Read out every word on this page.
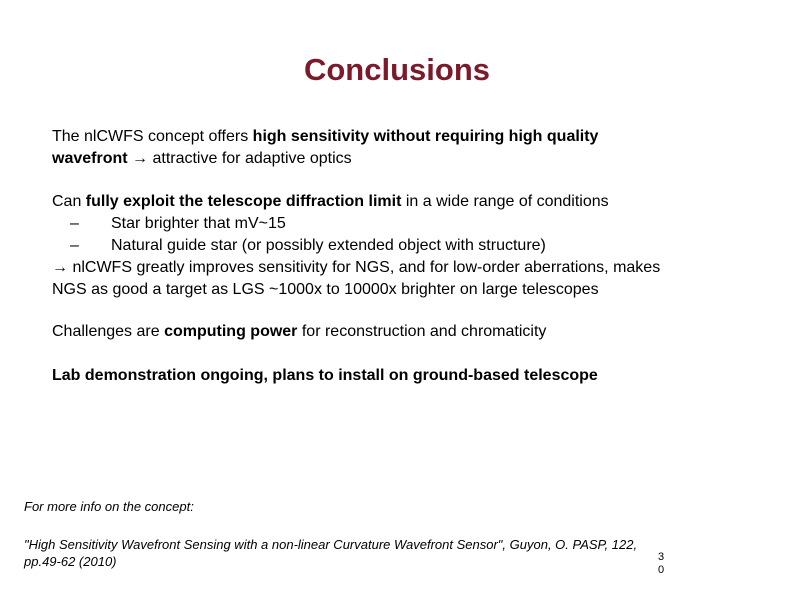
Conclusions
The nlCWFS concept offers high sensitivity without requiring high quality
wavefront → attractive for adaptive optics
Can fully exploit the telescope diffraction limit in a wide range of conditions
– Star brighter that mV~15
– Natural guide star (or possibly extended object with structure)
→ nlCWFS greatly improves sensitivity for NGS, and for low-order aberrations, makes
NGS as good a target as LGS ~1000x to 10000x brighter on large telescopes
Challenges are computing power for reconstruction and chromaticity
Lab demonstration ongoing, plans to install on ground-based telescope
For more info on the concept:
"High Sensitivity Wavefront Sensing with a non-linear Curvature Wavefront Sensor", Guyon, O. PASP, 122,
pp.49-62 (2010)	3
0
